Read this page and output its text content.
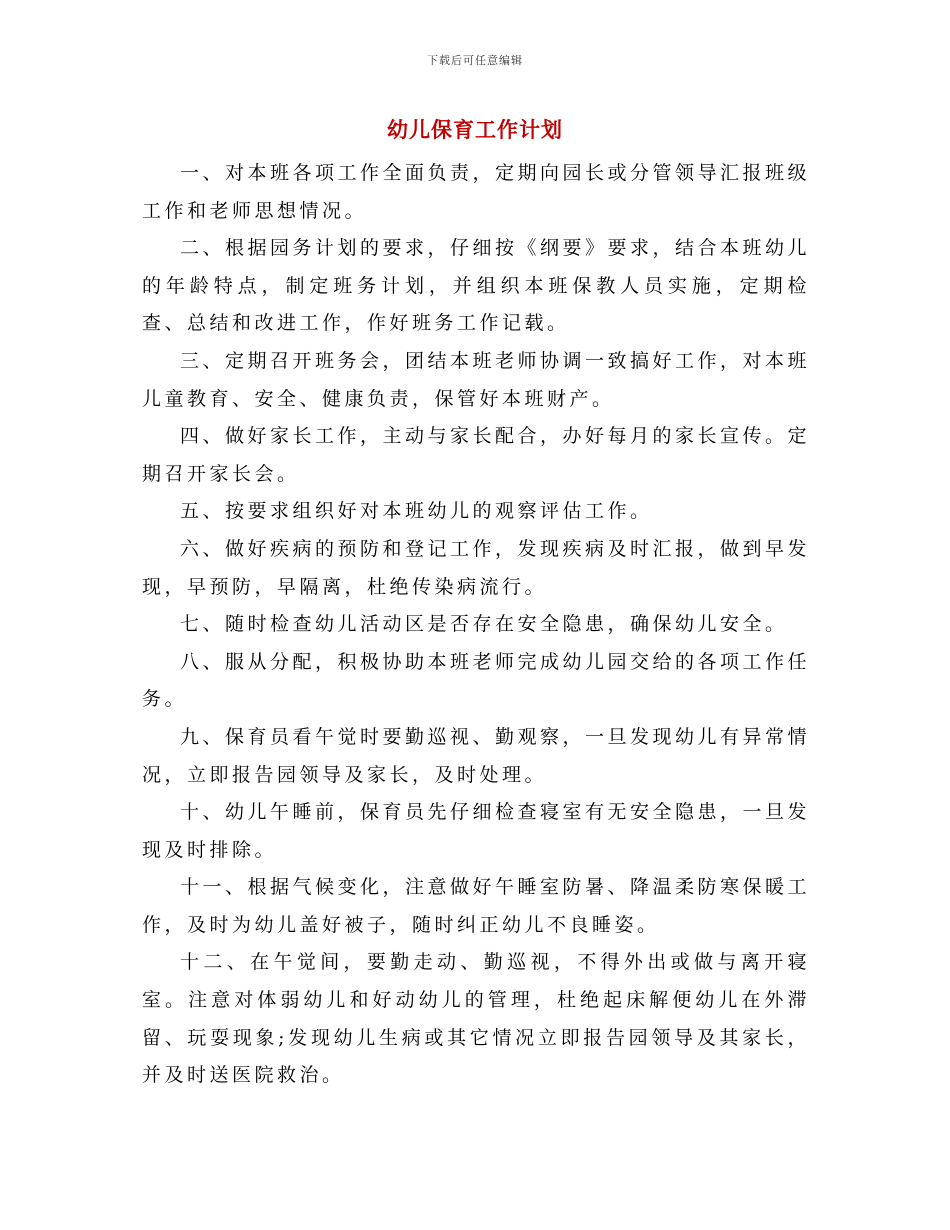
下载后可任意编辑
幼儿保育工作计划

一、对本班各项工作全面负责，定期向园长或分管领导汇报班级工作和老师思想情况。

二、根据园务计划的要求，仔细按《纲要》要求，结合本班幼儿的年龄特点，制定班务计划，并组织本班保教人员实施，定期检查、总结和改进工作，作好班务工作记载。

三、定期召开班务会，团结本班老师协调一致搞好工作，对本班儿童教育、安全、健康负责，保管好本班财产。

四、做好家长工作，主动与家长配合，办好每月的家长宣传。定期召开家长会。

五、按要求组织好对本班幼儿的观察评估工作。

六、做好疾病的预防和登记工作，发现疾病及时汇报，做到早发现，早预防，早隔离，杜绝传染病流行。

七、随时检查幼儿活动区是否存在安全隐患，确保幼儿安全。

八、服从分配，积极协助本班老师完成幼儿园交给的各项工作任务。

九、保育员看午觉时要勤巡视、勤观察，一旦发现幼儿有异常情况，立即报告园领导及家长，及时处理。

十、幼儿午睡前，保育员先仔细检查寝室有无安全隐患，一旦发现及时排除。

十一、根据气候变化，注意做好午睡室防暑、降温柔防寒保暖工作，及时为幼儿盖好被子，随时纠正幼儿不良睡姿。

十二、在午觉间，要勤走动、勤巡视，不得外出或做与离开寝室。注意对体弱幼儿和好动幼儿的管理，杜绝起床解便幼儿在外滞留、玩耍现象;发现幼儿生病或其它情况立即报告园领导及其家长，并及时送医院救治。
